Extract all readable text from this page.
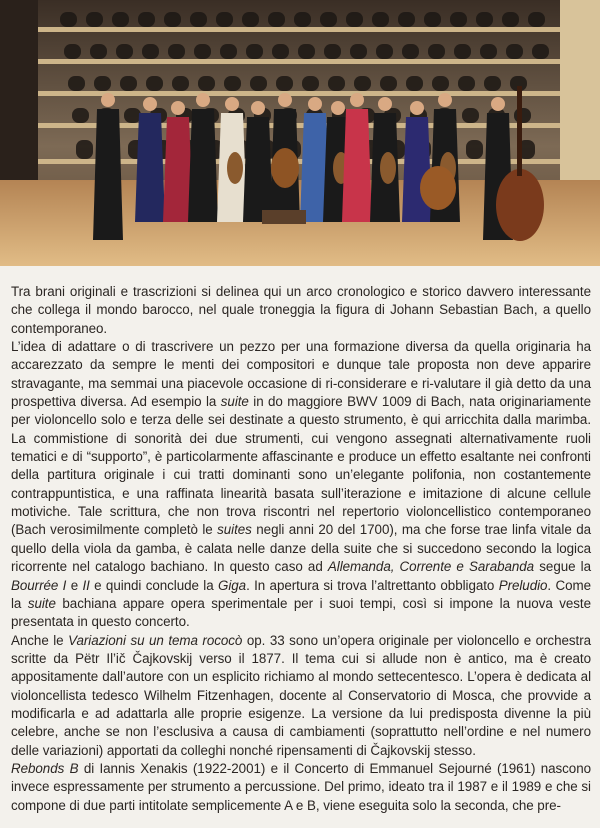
Tra brani originali e trascrizioni si delinea qui un arco cronologico e storico davvero interessante che collega il mondo barocco, nel quale troneggia la figura di Johann Sebastian Bach, a quello contemporaneo.

L’idea di adattare o di trascrivere un pezzo per una formazione diversa da quella originaria ha accarezzato da sempre le menti dei compositori e dunque tale proposta non deve apparire stravagante, ma semmai una piacevole occasione di ri-considerare e ri-valutare il già detto da una prospettiva diversa. Ad esempio la suite in do maggiore BWV 1009 di Bach, nata originariamente per violoncello solo e terza delle sei destinate a questo strumento, è qui arricchita dalla marimba. La commistione di sonorità dei due strumenti, cui vengono assegnati alternativamente ruoli tematici e di “supporto”, è particolarmente affascinante e produce un effetto esaltante nei confronti della partitura originale i cui tratti dominanti sono un’elegante polifonia, non costantemente contrappuntistica, e una raffinata linearità basata sull’iterazione e imitazione di alcune cellule motiviche. Tale scrittura, che non trova riscontri nel repertorio violoncellistico contemporaneo (Bach verosimilmente completò le suites negli anni 20 del 1700), ma che forse trae linfa vitale da quello della viola da gamba, è calata nelle danze della suite che si succedono secondo la logica ricorrente nel catalogo bachiano. In questo caso ad Allemanda, Corrente e Sarabanda segue la Bourrée I e II e quindi conclude la Giga. In apertura si trova l’altrettanto obbligato Preludio. Come la suite bachiana appare opera sperimentale per i suoi tempi, così si impone la nuova veste presentata in questo concerto.

Anche le Variazioni su un tema rococò op. 33 sono un’opera originale per violoncello e orchestra scritte da Pëtr Il’ič Čajkovskij verso il 1877. Il tema cui si allude non è antico, ma è creato appositamente dall’autore con un esplicito richiamo al mondo settecentesco. L’opera è dedicata al violoncellista tedesco Wilhelm Fitzenhagen, docente al Conservatorio di Mosca, che provvide a modificarla e ad adattarla alle proprie esigenze. La versione da lui predisposta divenne la più celebre, anche se non l’esclusiva a causa di cambiamenti (soprattutto nell’ordine e nel numero delle variazioni) apportati da colleghi nonché ripensamenti di Čajkovskij stesso.

Rebonds B di Iannis Xenakis (1922-2001) e il Concerto di Emmanuel Sejourné (1961) nascono invece espressamente per strumento a percussione. Del primo, ideato tra il 1987 e il 1989 e che si compone di due parti intitolate semplicemente A e B, viene eseguita solo la seconda, che pre-
